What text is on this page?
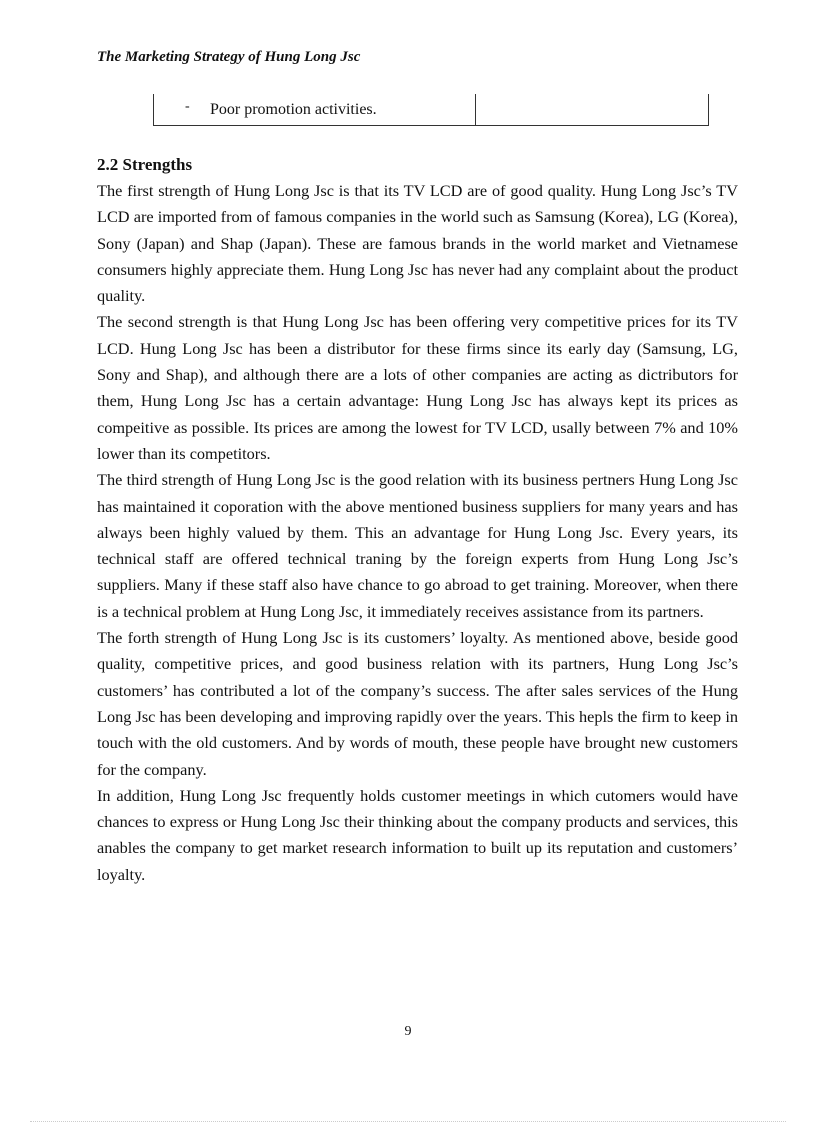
The Marketing Strategy of Hung Long Jsc
- Poor promotion activities.
2.2 Strengths

The first strength of Hung Long Jsc is that its TV LCD are of good quality. Hung Long Jsc’s TV LCD are imported from of famous companies in the world such as Samsung (Korea), LG (Korea), Sony (Japan) and Shap (Japan). These are famous brands in the world market and Vietnamese consumers highly appreciate them. Hung Long Jsc has never had any complaint about the product quality.

The second strength is that Hung Long Jsc has been offering very competitive prices for its TV LCD. Hung Long Jsc has been a distributor for these firms since its early day (Samsung, LG, Sony and Shap), and although there are a lots of other companies are acting as dictributors for them, Hung Long Jsc has a certain advantage: Hung Long Jsc has always kept its prices as compeitive as possible. Its prices are among the lowest for TV LCD, usally between 7% and 10% lower than its competitors.

The third strength of Hung Long Jsc is the good relation with its business pertners Hung Long Jsc has maintained it coporation with the above mentioned business suppliers for many years and has always been highly valued by them. This an advantage for Hung Long Jsc. Every years, its technical staff are offered technical traning by the foreign experts from Hung Long Jsc’s suppliers. Many if these staff also have chance to go abroad to get training. Moreover, when there is a technical problem at Hung Long Jsc, it immediately receives assistance from its partners.

The forth strength of Hung Long Jsc is its customers’ loyalty. As mentioned above, beside good quality, competitive prices, and good business relation with its partners, Hung Long Jsc’s customers’ has contributed a lot of the company’s success. The after sales services of the Hung Long Jsc has been developing and improving rapidly over the years. This hepls the firm to keep in touch with the old customers. And by words of mouth, these people have brought new customers for the company.

In addition, Hung Long Jsc frequently holds customer meetings in which cutomers would have chances to express or Hung Long Jsc their thinking about the company products and services, this anables the company to get market research information to built up its reputation and customers’ loyalty.

9
